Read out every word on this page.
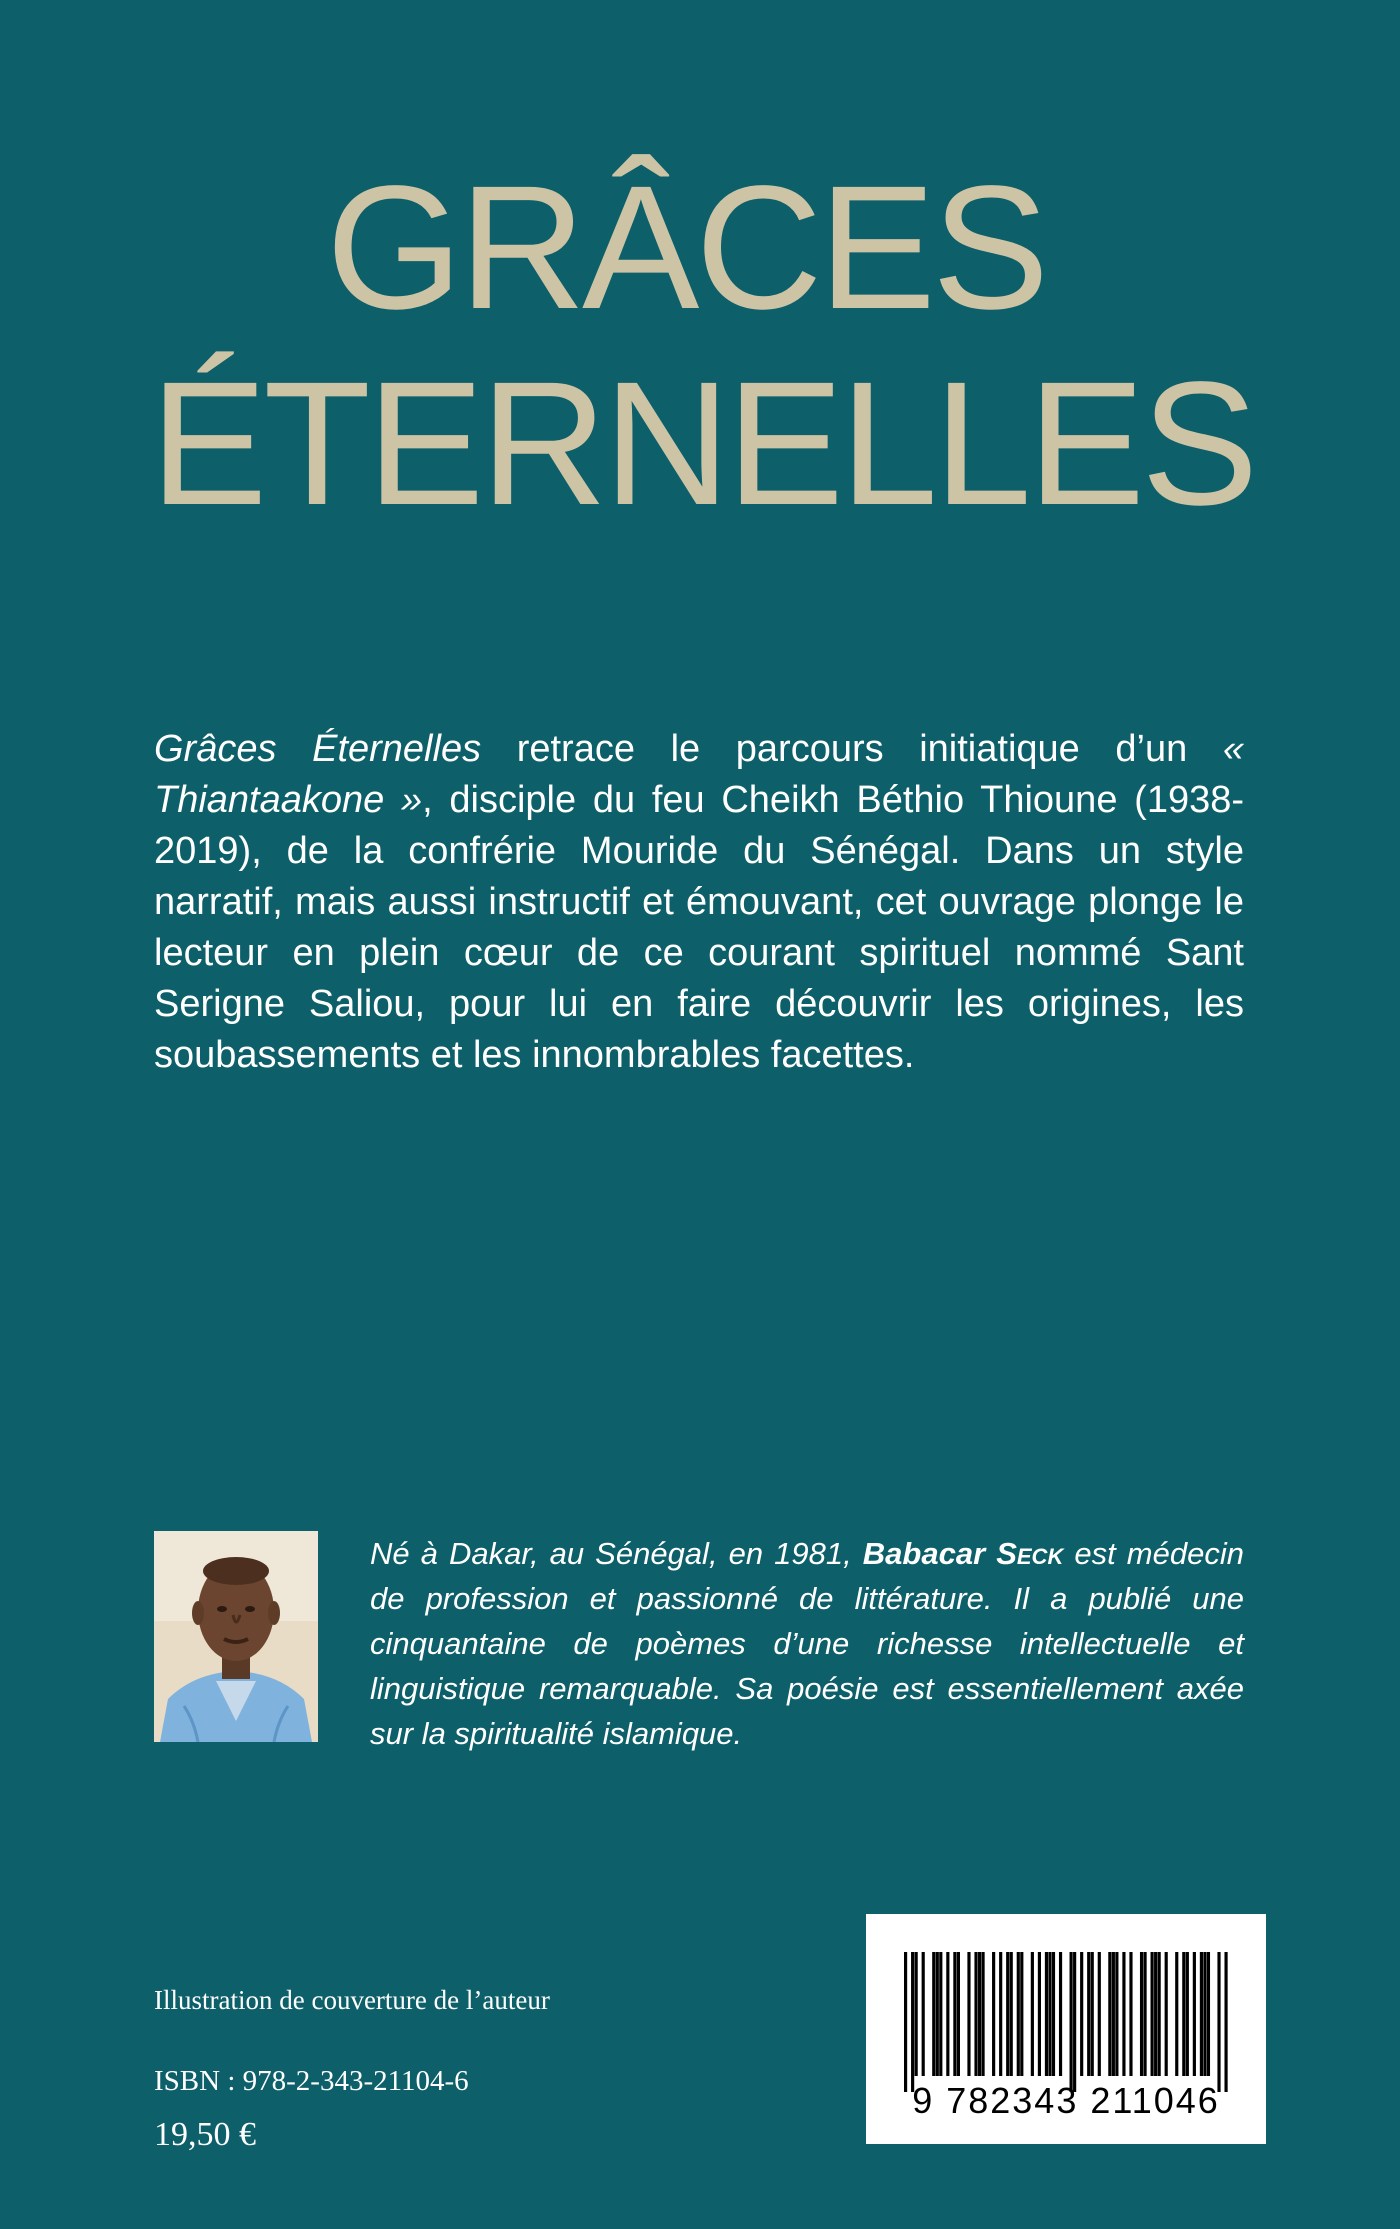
GRÂCES
ÉTERNELLES

Grâces Éternelles retrace le parcours initiatique d’un « Thiantaakone », disciple du feu Cheikh Béthio Thioune (1938-2019), de la confrérie Mouride du Sénégal. Dans un style narratif, mais aussi instructif et émouvant, cet ouvrage plonge le lecteur en plein cœur de ce courant spirituel nommé Sant Serigne Saliou, pour lui en faire découvrir les origines, les soubassements et les innombrables facettes.

Né à Dakar, au Sénégal, en 1981, Babacar Seck est médecin de profession et passionné de littérature. Il a publié une cinquantaine de poèmes d’une richesse intellectuelle et linguistique remarquable. Sa poésie est essentiellement axée sur la spiritualité islamique.

Illustration de couverture de l’auteur
ISBN : 978-2-343-21104-6
19,50 €
9 782343 211046
